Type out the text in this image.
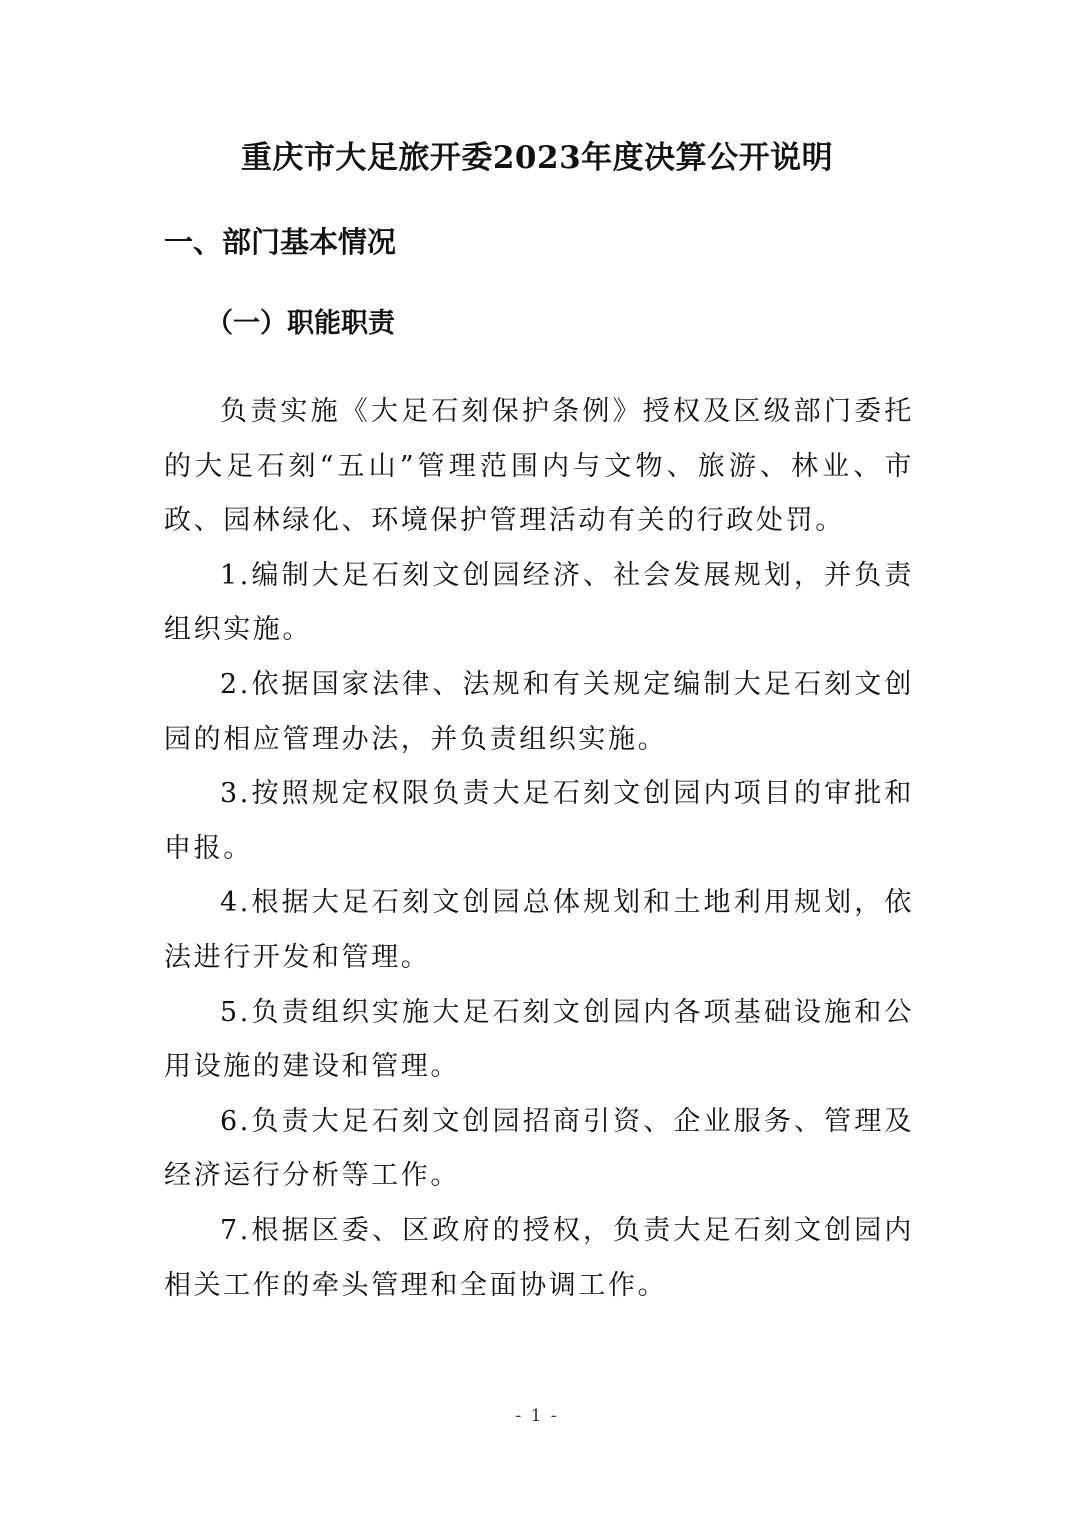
重庆市大足旅开委2023年度决算公开说明
一、部门基本情况
（一）职能职责

负责实施《大足石刻保护条例》授权及区级部门委托的大足石刻“五山”管理范围内与文物、旅游、林业、市政、园林绿化、环境保护管理活动有关的行政处罚。

1.编制大足石刻文创园经济、社会发展规划，并负责组织实施。

2.依据国家法律、法规和有关规定编制大足石刻文创园的相应管理办法，并负责组织实施。

3.按照规定权限负责大足石刻文创园内项目的审批和申报。

4.根据大足石刻文创园总体规划和土地利用规划，依法进行开发和管理。

5.负责组织实施大足石刻文创园内各项基础设施和公用设施的建设和管理。

6.负责大足石刻文创园招商引资、企业服务、管理及经济运行分析等工作。

7.根据区委、区政府的授权，负责大足石刻文创园内相关工作的牵头管理和全面协调工作。

- 1 -
